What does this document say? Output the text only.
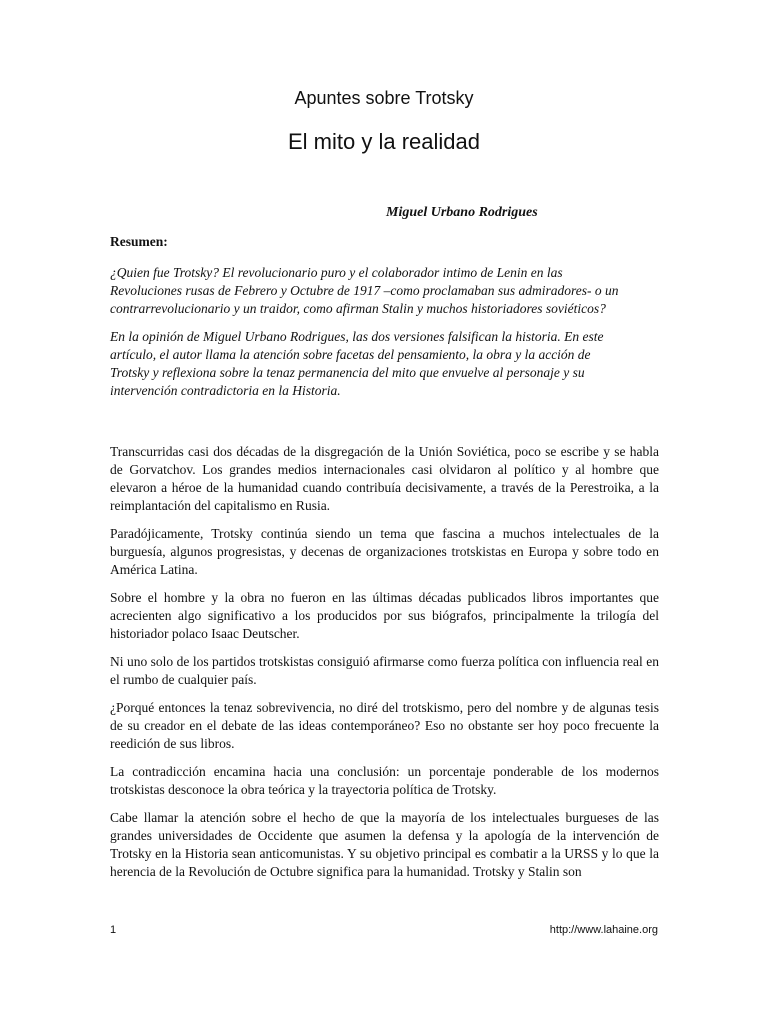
Apuntes sobre Trotsky
El mito y la realidad
Miguel Urbano Rodrigues
Resumen:

¿Quien fue Trotsky? El revolucionario puro y el colaborador intimo de Lenin en las Revoluciones rusas de Febrero y Octubre de 1917 –como proclamaban sus admiradores- o un contrarrevolucionario y un traidor, como afirman Stalin y muchos historiadores soviéticos?

En la opinión de Miguel Urbano Rodrigues, las dos versiones falsifican la historia. En este artículo, el autor llama la atención sobre facetas del pensamiento, la obra y la acción de Trotsky y reflexiona sobre la tenaz permanencia del mito que envuelve al personaje y su intervención contradictoria en la Historia.

Transcurridas casi dos décadas de la disgregación de la Unión Soviética, poco se escribe y se habla de Gorvatchov. Los grandes medios internacionales casi olvidaron al político y al hombre que elevaron a héroe de la humanidad cuando contribuía decisivamente, a través de la Perestroika, a la reimplantación del capitalismo en Rusia.

Paradójicamente, Trotsky continúa siendo un tema que fascina a muchos intelectuales de la burguesía, algunos progresistas, y decenas de organizaciones trotskistas en Europa y sobre todo en América Latina.

Sobre el hombre y la obra no fueron en las últimas décadas publicados libros importantes que acrecienten algo significativo a los producidos por sus biógrafos, principalmente la trilogía del historiador polaco Isaac Deutscher.

Ni uno solo de los partidos trotskistas consiguió afirmarse como fuerza política con influencia real en el rumbo de cualquier país.

¿Porqué entonces la tenaz sobrevivencia, no diré del trotskismo, pero del nombre y de algunas tesis de su creador en el debate de las ideas contemporáneo? Eso no obstante ser hoy poco frecuente la reedición de sus libros.

La contradicción encamina hacia una conclusión: un porcentaje ponderable de los modernos trotskistas desconoce la obra teórica y la trayectoria política de Trotsky.

Cabe llamar la atención sobre el hecho de que la mayoría de los intelectuales burgueses de las grandes universidades de Occidente que asumen la defensa y la apología de la intervención de Trotsky en la Historia sean anticomunistas. Y su objetivo principal es combatir a la URSS y lo que la herencia de la Revolución de Octubre significa para la humanidad. Trotsky y Stalin son

1	http://www.lahaine.org
